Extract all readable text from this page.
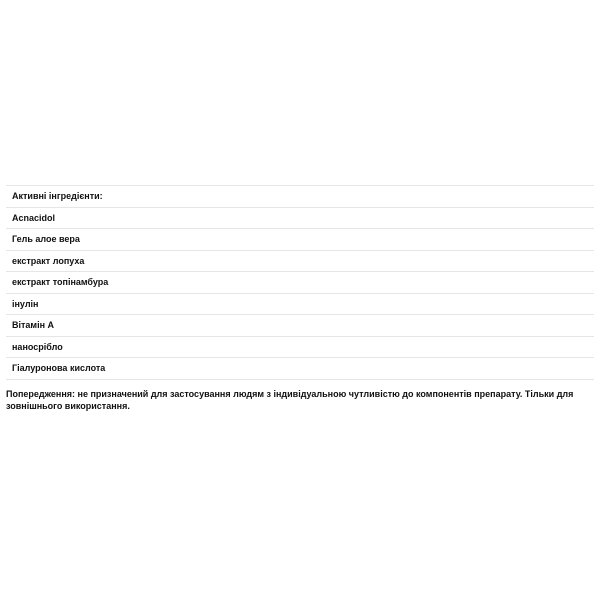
Активні інгредієнти:
Acnacidol
Гель алое вера
екстракт лопуха
екстракт топінамбура
інулін
Вітамін А
наносрібло
Гіалуронова кислота

Попередження: не призначений для застосування людям з індивідуальною чутливістю до компонентів препарату. Тільки для зовнішнього використання.
